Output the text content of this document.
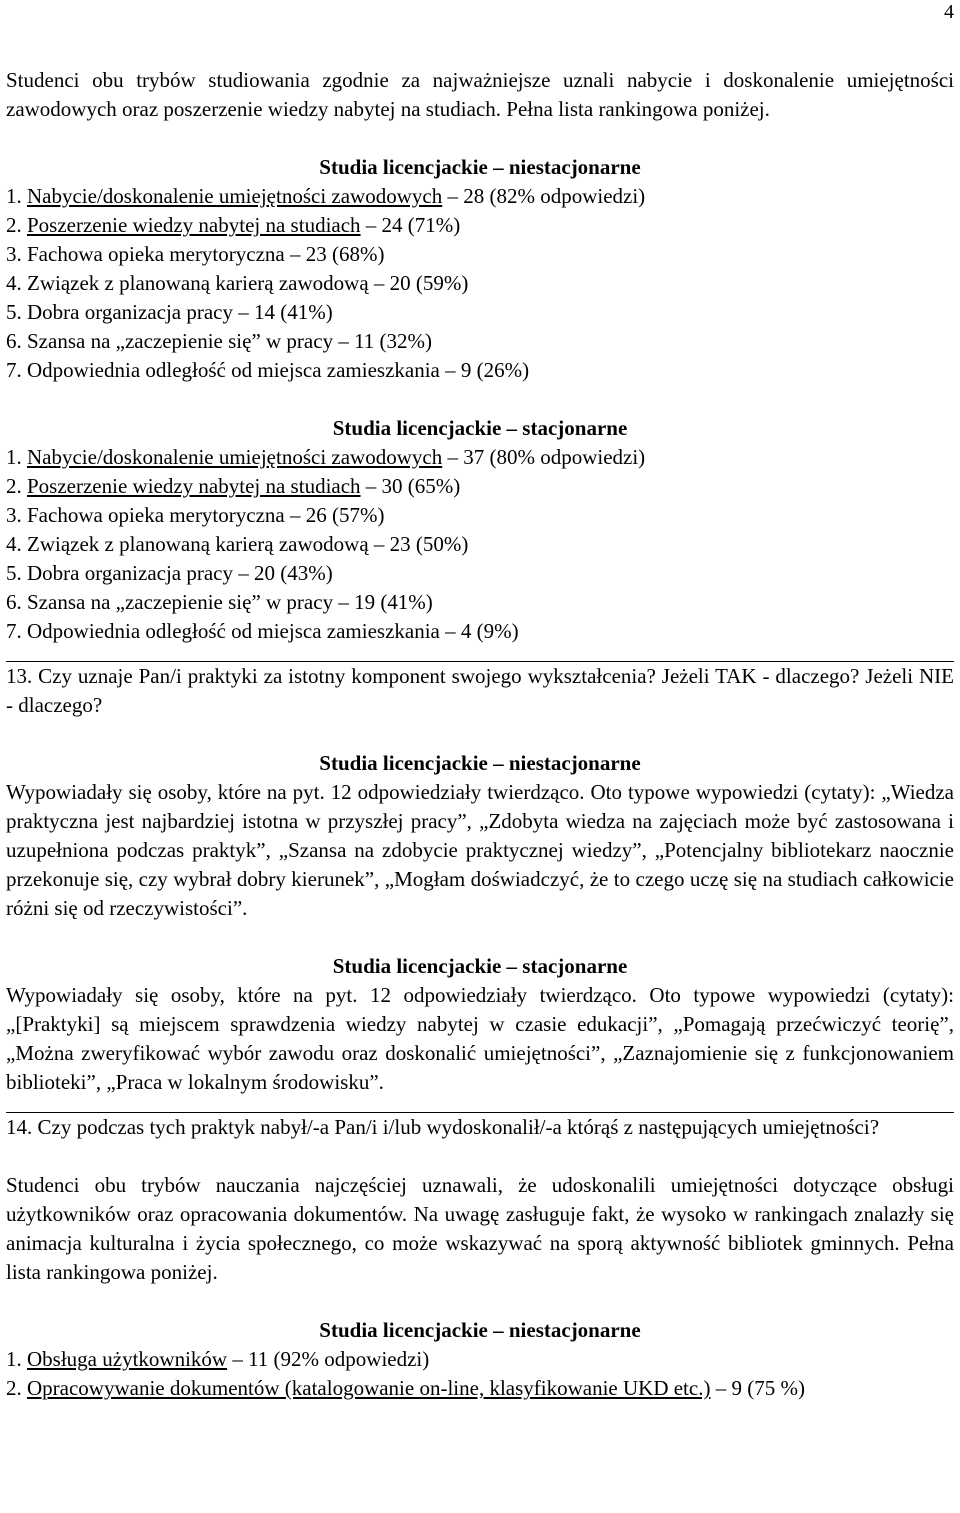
4

Studenci obu trybów studiowania zgodnie za najważniejsze uznali nabycie i doskonalenie umiejętności zawodowych oraz poszerzenie wiedzy nabytej na studiach. Pełna lista rankingowa poniżej.

Studia licencjackie – niestacjonarne

1. Nabycie/doskonalenie umiejętności zawodowych – 28 (82% odpowiedzi)

2. Poszerzenie wiedzy nabytej na studiach – 24 (71%)

3. Fachowa opieka merytoryczna – 23 (68%)

4. Związek z planowaną karierą zawodową – 20 (59%)

5. Dobra organizacja pracy – 14 (41%)

6. Szansa na „zaczepienie się” w pracy – 11 (32%)

7. Odpowiednia odległość od miejsca zamieszkania – 9 (26%)

Studia licencjackie – stacjonarne

1. Nabycie/doskonalenie umiejętności zawodowych – 37 (80% odpowiedzi)

2. Poszerzenie wiedzy nabytej na studiach – 30 (65%)

3. Fachowa opieka merytoryczna – 26 (57%)

4. Związek z planowaną karierą zawodową – 23 (50%)

5. Dobra organizacja pracy – 20 (43%)

6. Szansa na „zaczepienie się” w pracy – 19 (41%)

7. Odpowiednia odległość od miejsca zamieszkania – 4 (9%)

13. Czy uznaje Pan/i praktyki za istotny komponent swojego wykształcenia? Jeżeli TAK - dlaczego? Jeżeli NIE - dlaczego?

Studia licencjackie – niestacjonarne

Wypowiadały się osoby, które na pyt. 12 odpowiedziały twierdząco. Oto typowe wypowiedzi (cytaty): „Wiedza praktyczna jest najbardziej istotna w przyszłej pracy”, „Zdobyta wiedza na zajęciach może być zastosowana i uzupełniona podczas praktyk”, „Szansa na zdobycie praktycznej wiedzy”, „Potencjalny bibliotekarz naocznie przekonuje się, czy wybrał dobry kierunek”, „Mogłam doświadczyć, że to czego uczę się na studiach całkowicie różni się od rzeczywistości”.

Studia licencjackie – stacjonarne

Wypowiadały się osoby, które na pyt. 12 odpowiedziały twierdząco. Oto typowe wypowiedzi (cytaty): „[Praktyki] są miejscem sprawdzenia wiedzy nabytej w czasie edukacji”, „Pomagają przećwiczyć teorię”, „Można zweryfikować wybór zawodu oraz doskonalić umiejętności”, „Zaznajomienie się z funkcjonowaniem biblioteki”, „Praca w lokalnym środowisku”.

14. Czy podczas tych praktyk nabył/-a Pan/i i/lub wydoskonalił/-a którąś z następujących umiejętności?

Studenci obu trybów nauczania najczęściej uznawali, że udoskonalili umiejętności dotyczące obsługi użytkowników oraz opracowania dokumentów. Na uwagę zasługuje fakt, że wysoko w rankingach znalazły się animacja kulturalna i życia społecznego, co może wskazywać na sporą aktywność bibliotek gminnych. Pełna lista rankingowa poniżej.

Studia licencjackie – niestacjonarne

1. Obsługa użytkowników – 11 (92% odpowiedzi)

2. Opracowywanie dokumentów (katalogowanie on-line, klasyfikowanie UKD etc.) – 9 (75 %)
